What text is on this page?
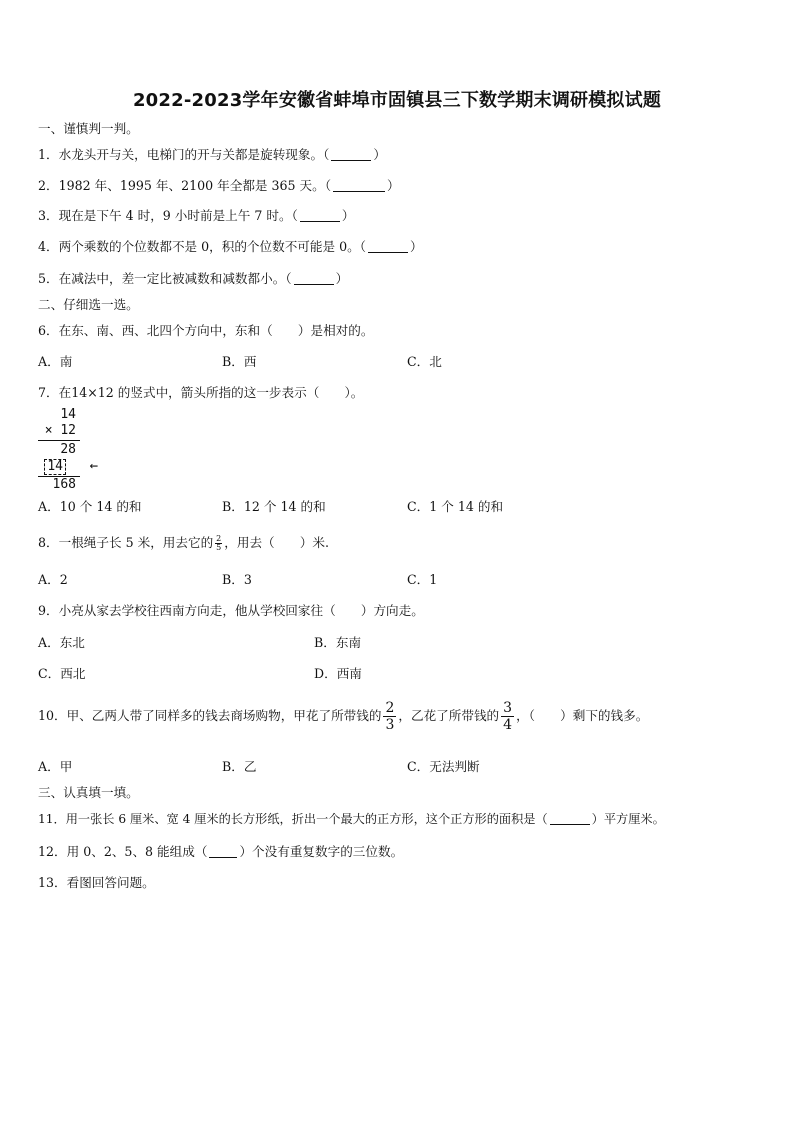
2022-2023学年安徽省蚌埠市固镇县三下数学期末调研模拟试题
一、谨慎判一判。
1．水龙头开与关，电梯门的开与关都是旋转现象。（	）
2．1982 年、1995 年、2100 年全都是 365 天。（	）
3．现在是下午 4 时，9 小时前是上午 7 时。（	）
4．两个乘数的个位数都不是 0，积的个位数不可能是 0。（	）
5．在减法中，差一定比被减数和减数都小。（	）
二、仔细选一选。
6．在东、南、西、北四个方向中，东和（　　）是相对的。
A．南	B．西	C．北
7．在14×12 的竖式中，箭头所指的这一步表示（　　）。
14
× 12
28
14 ←
168
A．10 个 14 的和	B．12 个 14 的和	C．1 个 14 的和
8．一根绳子长 5 米，用去它的 $\frac{2}{5}$ ，用去（　　）米.
A．2	B．3	C．1
9．小亮从家去学校往西南方向走，他从学校回家往（　　）方向走。
A．东北	B．东南
C．西北	D．西南
10．甲、乙两人带了同样多的钱去商场购物，甲花了所带钱的 $\frac{2}{3}$ ，乙花了所带钱的 $\frac{3}{4}$ ，（　　）剩下的钱多。
A．甲	B．乙	C．无法判断
三、认真填一填。
11．用一张长 6 厘米、宽 4 厘米的长方形纸，折出一个最大的正方形，这个正方形的面积是（	）平方厘米。
12．用 0、2、5、8 能组成（	）个没有重复数字的三位数。
13．看图回答问题。
